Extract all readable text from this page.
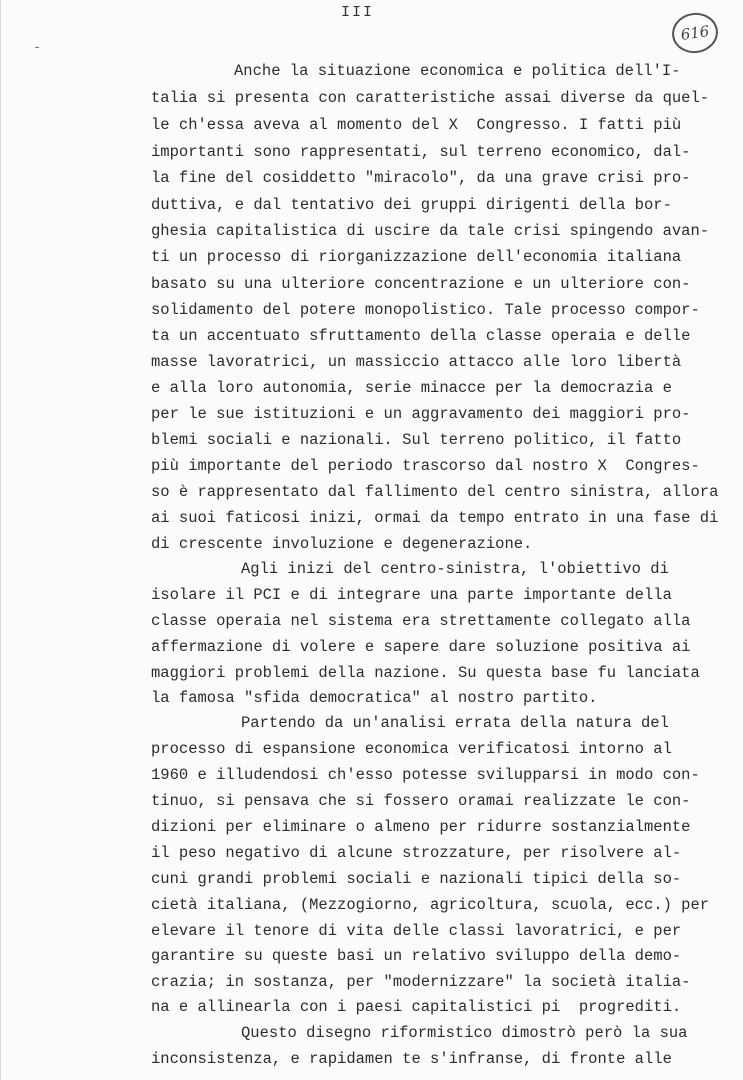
III
616
-
Anche la situazione economica e politica dell'I-
talia si presenta con caratteristiche assai diverse da quel-
le ch'essa aveva al momento del X  Congresso. I fatti più
importanti sono rappresentati, sul terreno economico, dal-
la fine del cosiddetto "miracolo", da una grave crisi pro-
duttiva, e dal tentativo dei gruppi dirigenti della bor-
ghesia capitalistica di uscire da tale crisi spingendo avan-
ti un processo di riorganizzazione dell'economia italiana
basato su una ulteriore concentrazione e un ulteriore con-
solidamento del potere monopolistico. Tale processo compor-
ta un accentuato sfruttamento della classe operaia e delle
masse lavoratrici, un massiccio attacco alle loro libertà
e alla loro autonomia, serie minacce per la democrazia e
per le sue istituzioni e un aggravamento dei maggiori pro-
blemi sociali e nazionali. Sul terreno politico, il fatto
più importante del periodo trascorso dal nostro X  Congres-
so è rappresentato dal fallimento del centro sinistra, allora
ai suoi faticosi inizi, ormai da tempo entrato in una fase di
di crescente involuzione e degenerazione.
Agli inizi del centro-sinistra, l'obiettivo di
isolare il PCI e di integrare una parte importante della
classe operaia nel sistema era strettamente collegato alla
affermazione di volere e sapere dare soluzione positiva ai
maggiori problemi della nazione. Su questa base fu lanciata
la famosa "sfida democratica" al nostro partito.
Partendo da un'analisi errata della natura del
processo di espansione economica verificatosi intorno al
1960 e illudendosi ch'esso potesse svilupparsi in modo con-
tinuo, si pensava che si fossero oramai realizzate le con-
dizioni per eliminare o almeno per ridurre sostanzialmente
il peso negativo di alcune strozzature, per risolvere al-
cuni grandi problemi sociali e nazionali tipici della so-
cietà italiana, (Mezzogiorno, agricoltura, scuola, ecc.) per
elevare il tenore di vita delle classi lavoratrici, e per
garantire su queste basi un relativo sviluppo della demo-
crazia; in sostanza, per "modernizzare" la società italia-
na e allinearla con i paesi capitalistici pi  progrediti.
Questo disegno riformistico dimostrò però la sua
inconsistenza, e rapidamen te s'infranse, di fronte alle
